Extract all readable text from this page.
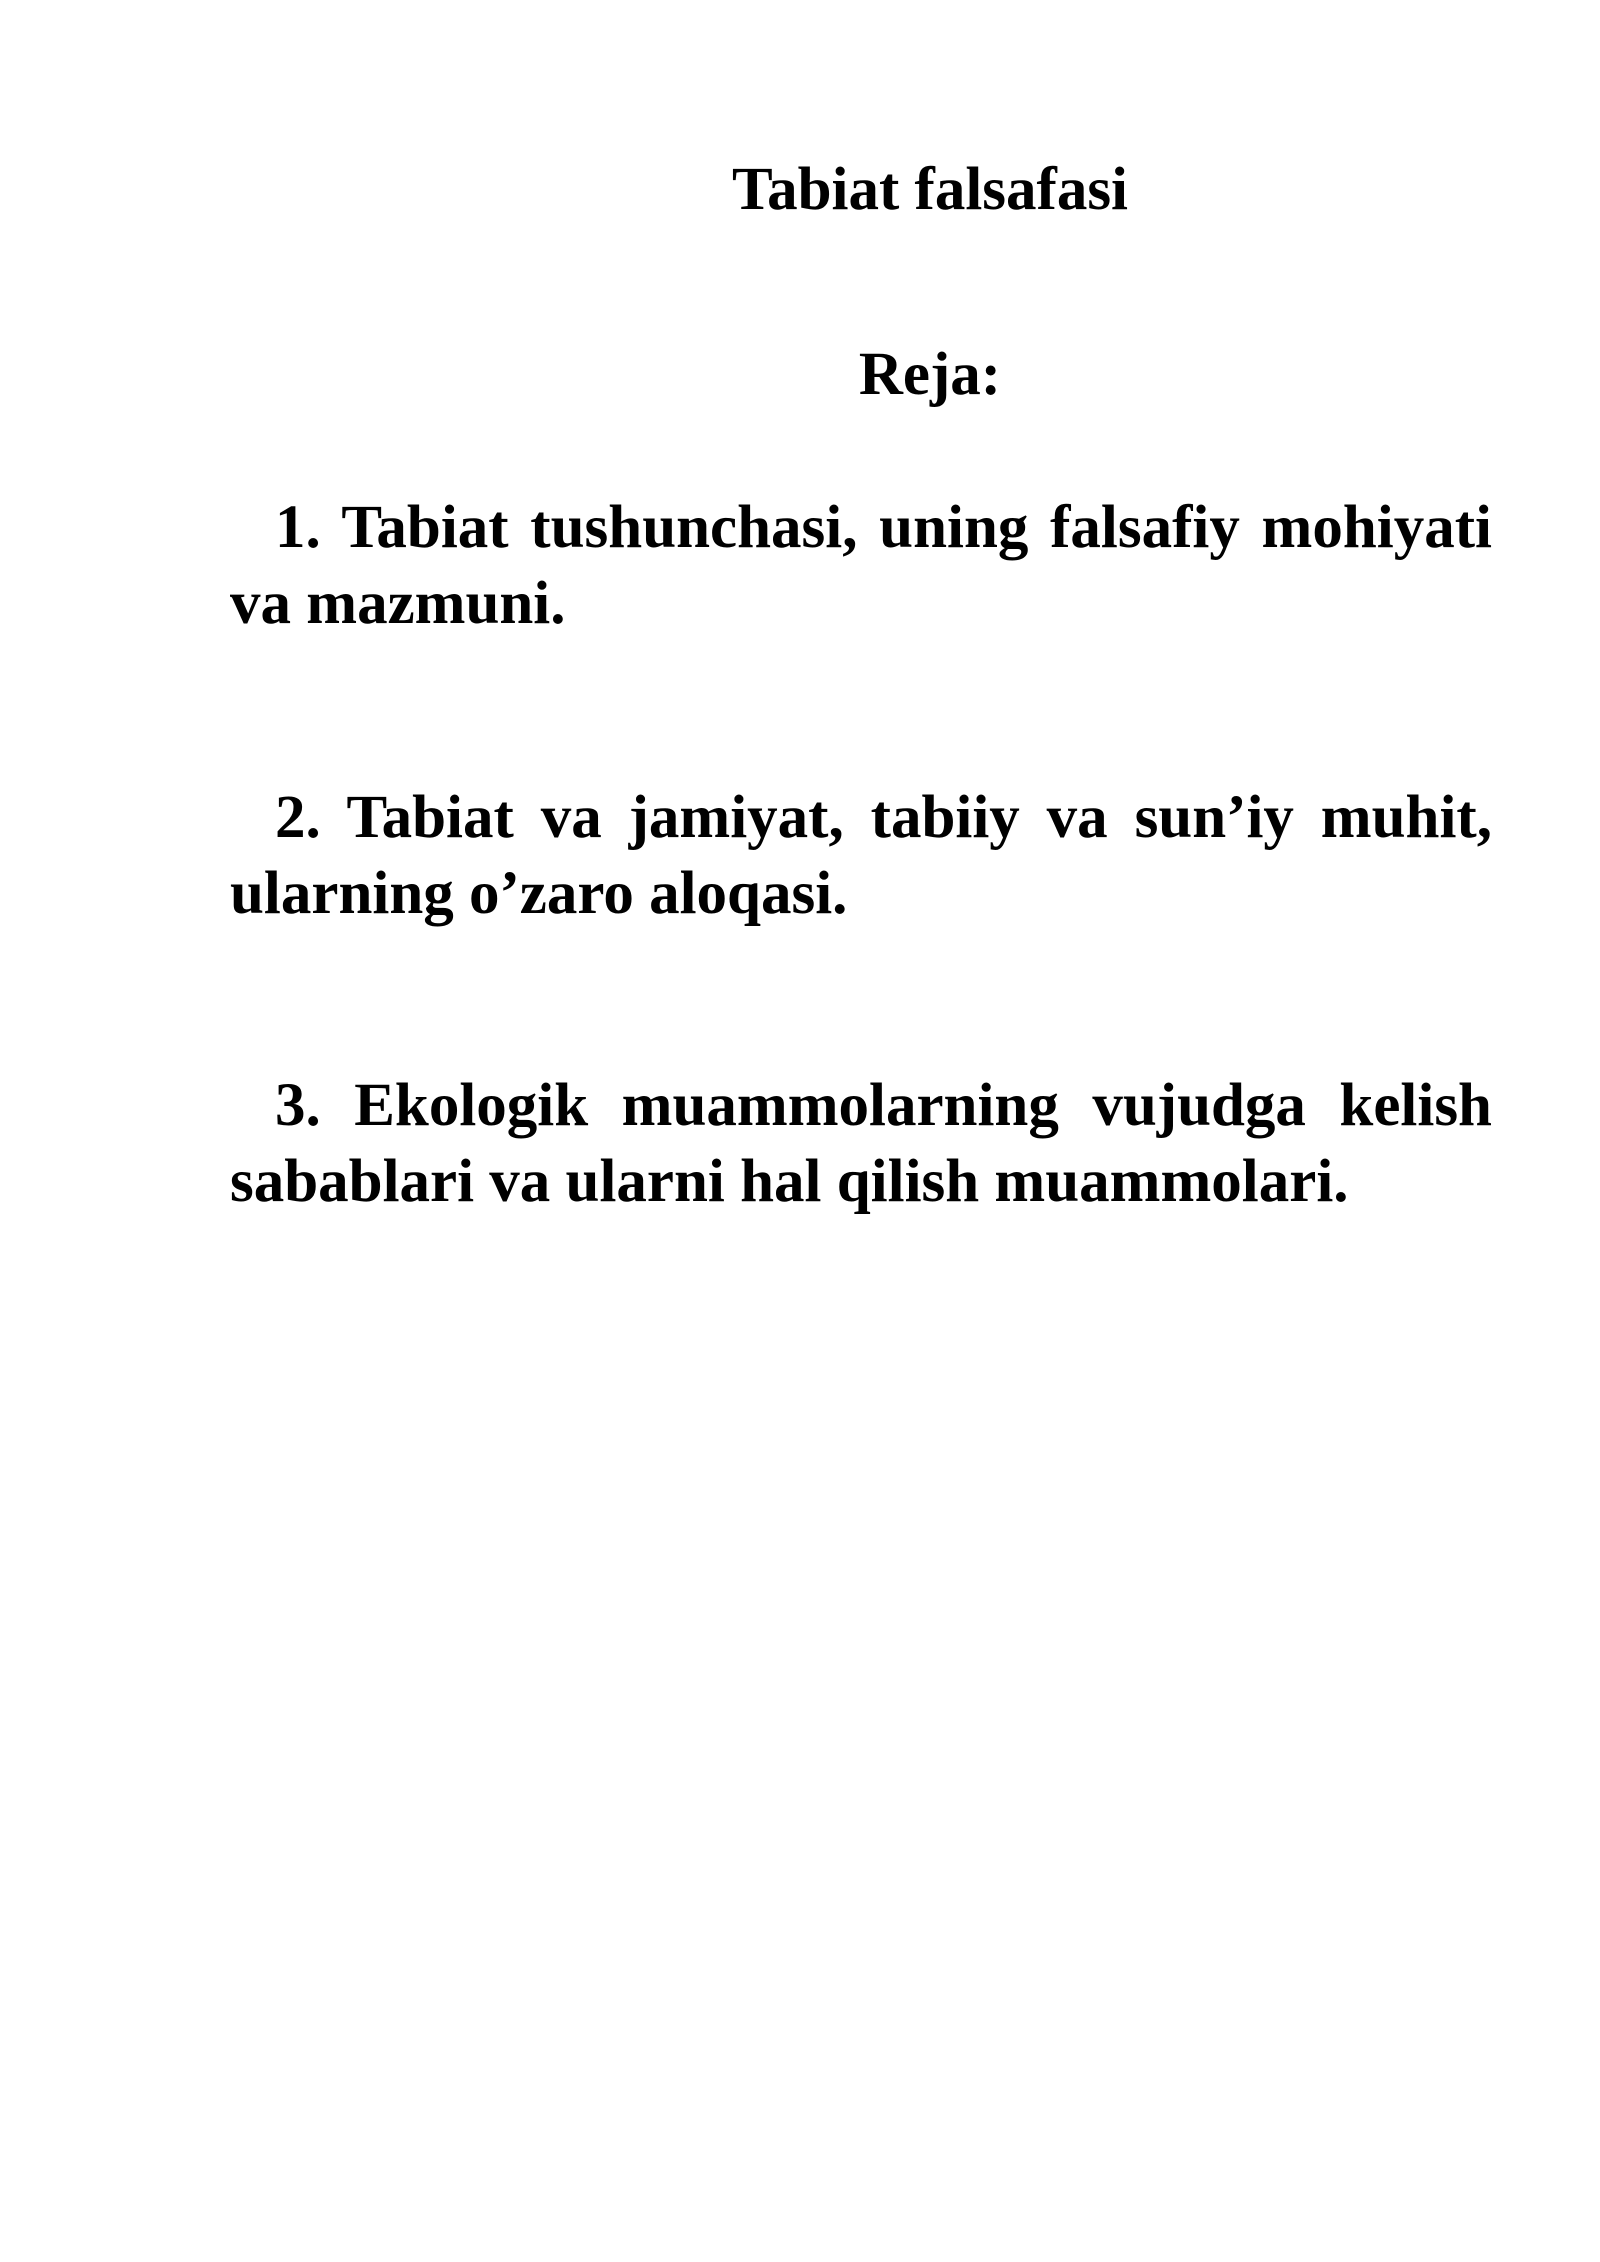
Tabiat falsafasi
Reja:

1. Tabiat tushunchasi, uning falsafiy mohiyati va mazmuni.

2. Tabiat va jamiyat, tabiiy va sun’iy muhit, ularning o’zaro aloqasi.

3. Ekologik muammolarning vujudga kelish sabablari va ularni hal qilish muammolari.
